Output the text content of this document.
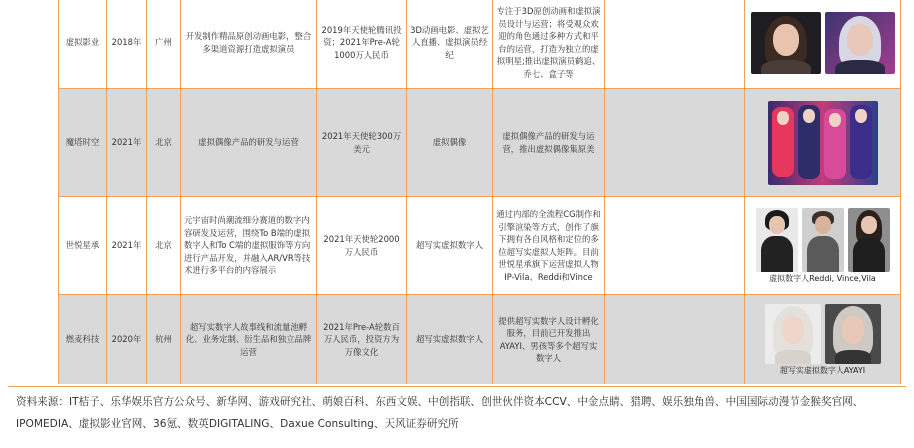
虚拟影业	2018年	广州	开发制作精品原创动画电影，整合多渠道资源打造虚拟演员	2019年天使轮腾讯投资；2021年Pre-A轮1000万人民币	3D动画电影、虚拟艺人直播、虚拟演员经纪	专注于3D原创动画和虚拟演员设计与运营；将受观众欢迎的角色通过多种方式和平台的运营，打造为独立的虚拟明星;推出虚拟演员鹤追、乔七、盒子等		

魔塔时空	2021年	北京	虚拟偶像产品的研发与运营	2021年天使轮300万美元	虚拟偶像	虚拟偶像产品的研发与运营，推出虚拟偶像集原美		

世悦星承	2021年	北京	元宇宙时尚潮流细分赛道的数字内容研发及运营，围绕To B端的虚拟数字人和To C端的虚拟服饰等方向进行产品开发，并融入AR/VR等技术进行多平台的内容展示	2021年天使轮2000万人民币	超写实虚拟数字人	通过内部的全流程CG制作和引擎渲染等方式，创作了旗下拥有各自风格和定位的多位超写实虚拟人矩阵。目前世悦星承旗下运营虚拟人物IP-Vila、Reddi和Vince		虚拟数字人Reddi, Vince,Vila

燃麦科技	2020年	杭州	超写实数字人故事线和流量池孵化、业务定制、衍生品和独立品牌运营	2021年Pre-A轮数百万人民币，投资方为万像文化	超写实虚拟数字人	提供超写实数字人设计孵化服务，目前已开发推出AYAYI、男孩等多个超写实数字人		超写实虚拟数字人AYAYI
资料来源：IT桔子、乐华娱乐官方公众号、新华网、游戏研究社、萌娘百科、东西文娱、中创指联、创世伙伴资本CCV、中金点睛、猎聘、娱乐独角兽、中国国际动漫节金猴奖官网、IPOMEDIA、虚拟影业官网、36氪、数英DIGITALING、Daxue Consulting、天风证券研究所
